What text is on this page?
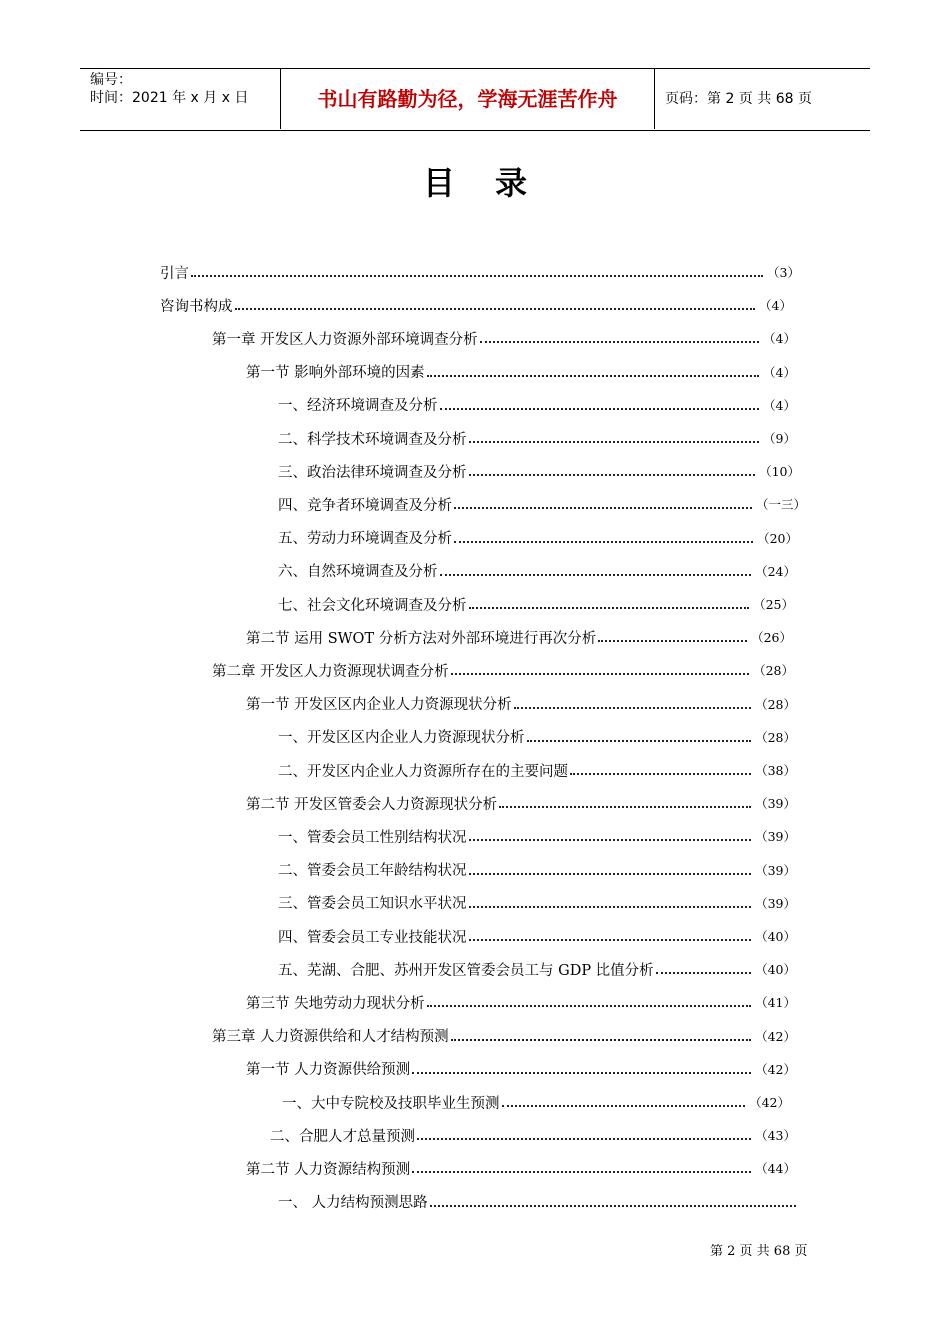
编号：
时间：2021 年 x 月 x 日	书山有路勤为径，学海无涯苦作舟	页码：第 2 页 共 68 页
目录
引言	（3）
咨询书构成	（4）
第一章 开发区人力资源外部环境调查分析	（4）
第一节 影响外部环境的因素	（4）
一、经济环境调查及分析	（4）
二、科学技术环境调查及分析	（9）
三、政治法律环境调查及分析	（10）
四、竞争者环境调查及分析	（一三）
五、劳动力环境调查及分析	（20）
六、自然环境调查及分析	（24）
七、社会文化环境调查及分析	（25）
第二节 运用 SWOT 分析方法对外部环境进行再次分析	（26）
第二章 开发区人力资源现状调查分析	（28）
第一节 开发区区内企业人力资源现状分析	（28）
一、开发区区内企业人力资源现状分析	（28）
二、开发区内企业人力资源所存在的主要问题	（38）
第二节 开发区管委会人力资源现状分析	（39）
一、管委会员工性别结构状况	（39）
二、管委会员工年龄结构状况	（39）
三、管委会员工知识水平状况	（39）
四、管委会员工专业技能状况	（40）
五、芜湖、合肥、苏州开发区管委会员工与 GDP 比值分析	（40）
第三节 失地劳动力现状分析	（41）
第三章 人力资源供给和人才结构预测	（42）
第一节 人力资源供给预测	（42）
一、大中专院校及技职毕业生预测	（42）
二、合肥人才总量预测	（43）
第二节 人力资源结构预测	（44）
一、 人力结构预测思路
第 2 页 共 68 页
